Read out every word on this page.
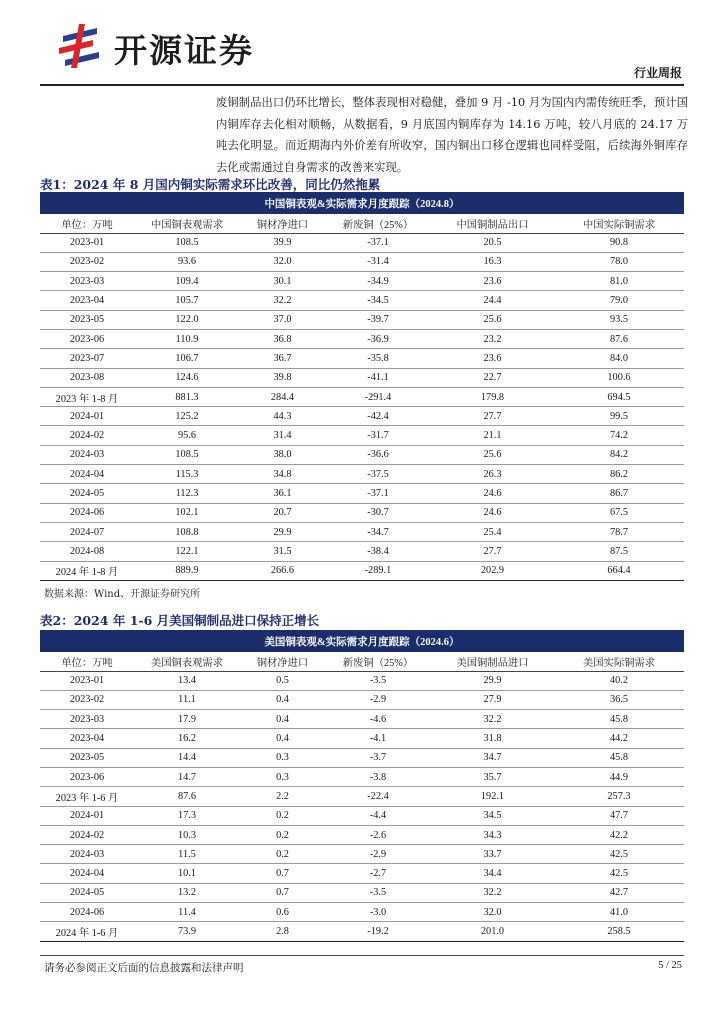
开源证券
行业周报

废铜制品出口仍环比增长，整体表现相对稳健，叠加 9 月 -10 月为国内内需传统旺季，预计国内铜库存去化相对顺畅，从数据看，9 月底国内铜库存为 14.16 万吨，较八月底的 24.17 万吨去化明显。而近期海内外价差有所收窄，国内铜出口移仓逻辑也同样受阻，后续海外铜库存去化或需通过自身需求的改善来实现。

表1：2024 年 8 月国内铜实际需求环比改善，同比仍然拖累
中国铜表观&实际需求月度跟踪（2024.8）					
单位：万吨	中国铜表观需求	铜材净进口	新废铜（25%）	中国铜制品出口	中国实际铜需求
2023-01	108.5	39.9	-37.1	20.5	90.8
2023-02	93.6	32.0	-31.4	16.3	78.0
2023-03	109.4	30.1	-34.9	23.6	81.0
2023-04	105.7	32.2	-34.5	24.4	79.0
2023-05	122.0	37.0	-39.7	25.6	93.5
2023-06	110.9	36.8	-36.9	23.2	87.6
2023-07	106.7	36.7	-35.8	23.6	84.0
2023-08	124.6	39.8	-41.1	22.7	100.6
2023 年 1-8 月	881.3	284.4	-291.4	179.8	694.5
2024-01	125.2	44.3	-42.4	27.7	99.5
2024-02	95.6	31.4	-31.7	21.1	74.2
2024-03	108.5	38.0	-36.6	25.6	84.2
2024-04	115.3	34.8	-37.5	26.3	86.2
2024-05	112.3	36.1	-37.1	24.6	86.7
2024-06	102.1	20.7	-30.7	24.6	67.5
2024-07	108.8	29.9	-34.7	25.4	78.7
2024-08	122.1	31.5	-38.4	27.7	87.5
2024 年 1-8 月	889.9	266.6	-289.1	202.9	664.4
数据来源：Wind、开源证券研究所
表2：2024 年 1-6 月美国铜制品进口保持正增长
美国铜表观&实际需求月度跟踪（2024.6）					
单位：万吨	美国铜表观需求	铜材净进口	新废铜（25%）	美国铜制品进口	美国实际铜需求
2023-01	13.4	0.5	-3.5	29.9	40.2
2023-02	11.1	0.4	-2.9	27.9	36.5
2023-03	17.9	0.4	-4.6	32.2	45.8
2023-04	16.2	0.4	-4.1	31.8	44.2
2023-05	14.4	0.3	-3.7	34.7	45.8
2023-06	14.7	0.3	-3.8	35.7	44.9
2023 年 1-6 月	87.6	2.2	-22.4	192.1	257.3
2024-01	17.3	0.2	-4.4	34.5	47.7
2024-02	10.3	0.2	-2.6	34.3	42.2
2024-03	11.5	0.2	-2.9	33.7	42.5
2024-04	10.1	0.7	-2.7	34.4	42.5
2024-05	13.2	0.7	-3.5	32.2	42.7
2024-06	11.4	0.6	-3.0	32.0	41.0
2024 年 1-6 月	73.9	2.8	-19.2	201.0	258.5
请务必参阅正文后面的信息披露和法律声明	5 / 25
